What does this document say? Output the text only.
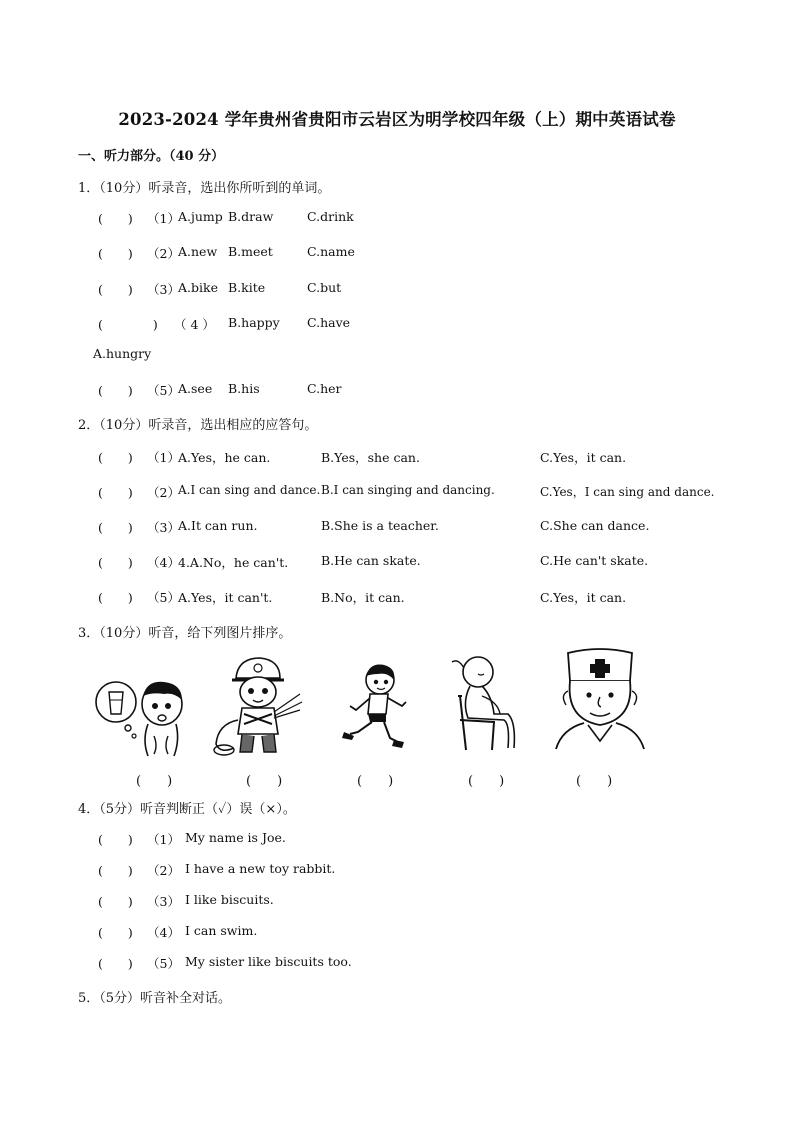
2023-2024 学年贵州省贵阳市云岩区为明学校四年级（上）期中英语试卷
一、听力部分。（40 分）
1．（10分）听录音，选出你所听到的单词。
(　　) （1）
A.jump B.draw	C.drink
(　　) （2）
A.new B.meet	C.name
(　　) （3）
A.bike B.kite	C.but
(　　　　) （ 4 ） B.happy C.have
A.hungry
(　　) （5）
A.see B.his	C.her
2．（10分）听录音，选出相应的应答句。
(　　) （1）
A.Yes，he can.	B.Yes，she can.	C.Yes，it can.
(　　) （2）
A.I can sing and dance. B.I can singing and dancing.	C.Yes，I can sing and dance.
(　　) （3）
A.It can run.	B.She is a teacher.	C.She can dance.
(　　) （4）
4.A.No，he can't.	B.He can skate.	C.He can't skate.
(　　) （5）
A.Yes，it can't.	B.No，it can.	C.Yes，it can.
3．（10分）听音，给下列图片排序。
(　　)	(　　)	(　　)	(　　)	(　　)
4．（5分）听音判断正（✓）误（×）。
(　　) （1） My name is Joe.
(　　) （2） I have a new toy rabbit.
(　　) （3） I like biscuits.
(　　) （4） I can swim.
(　　) （5） My sister like biscuits too.
5．（5分）听音补全对话。
